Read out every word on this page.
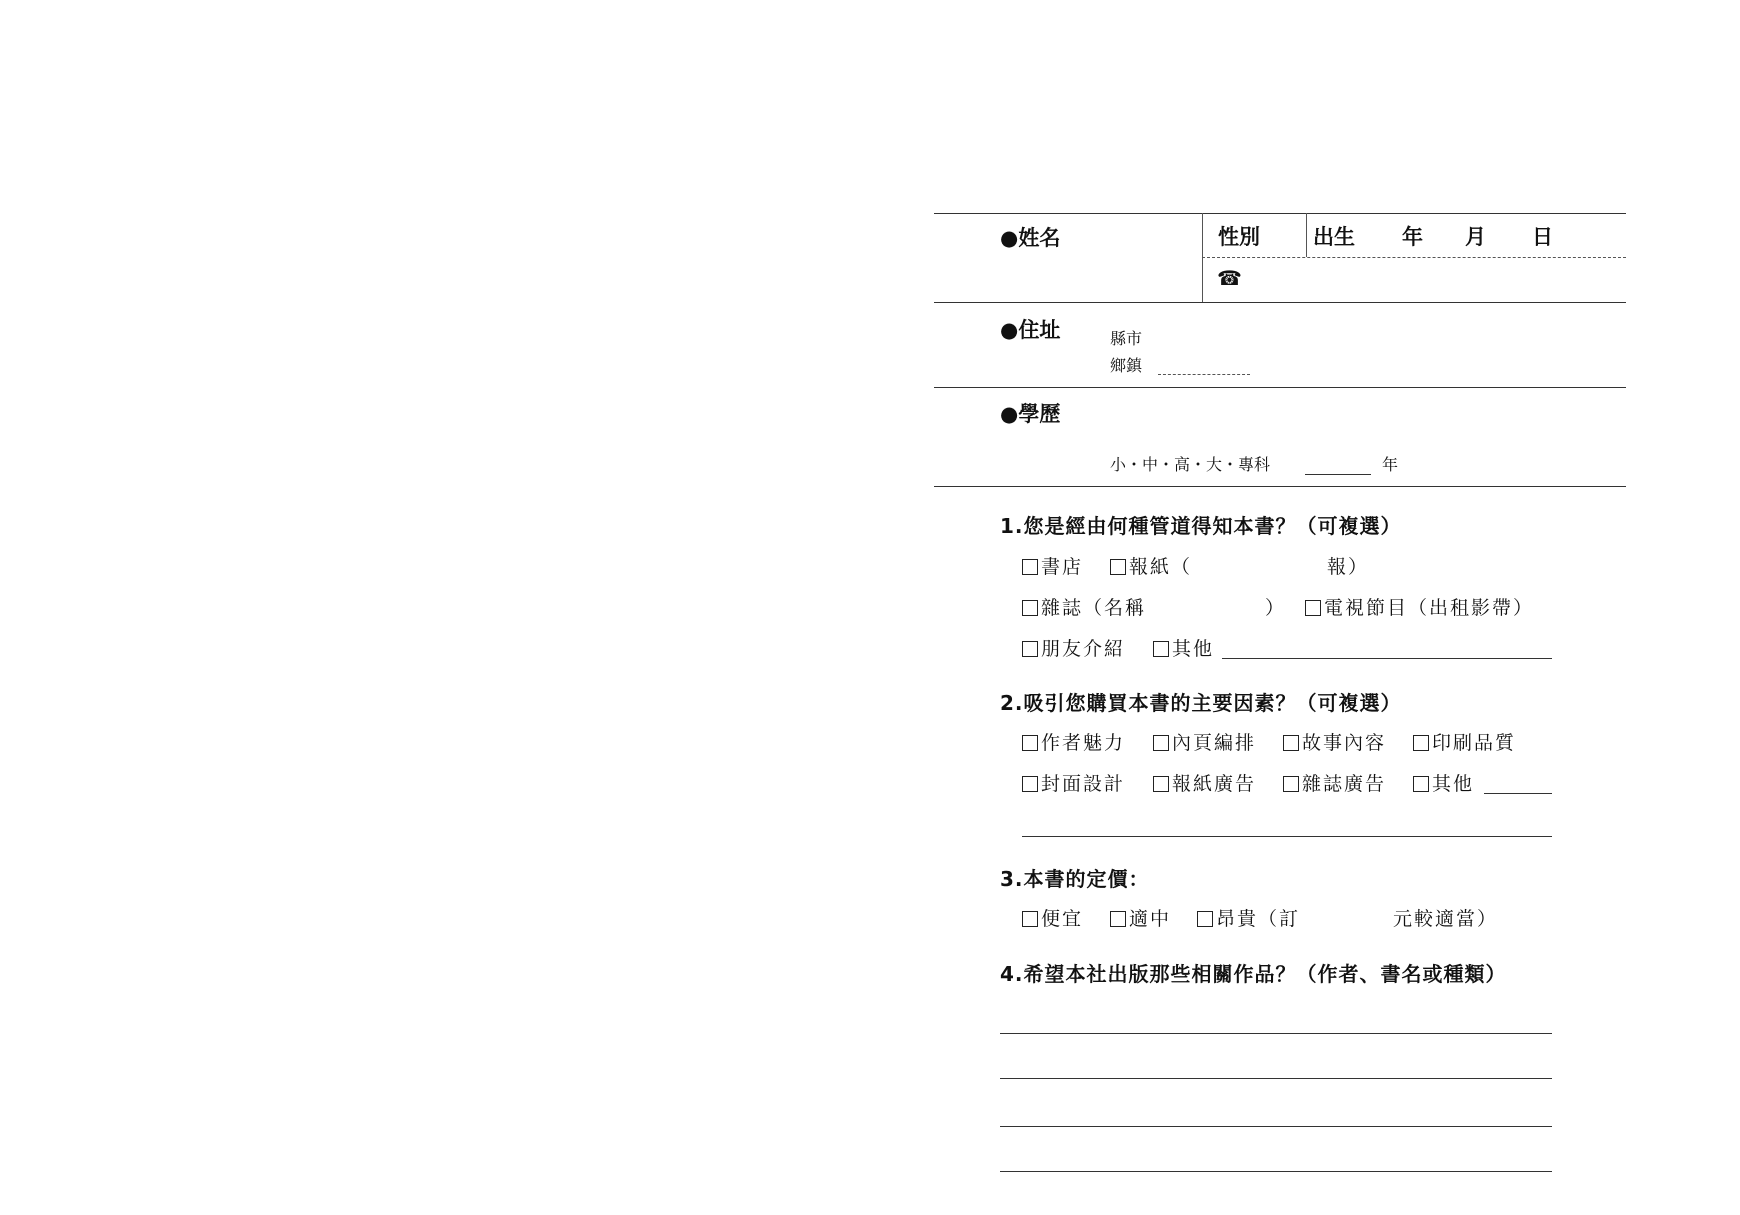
●姓名	性別	出生 年 月 日
☎
●住址	縣市
鄉鎮
●學歷
小・中・高・大・專科	年
1.您是經由何種管道得知本書？（可複選）
書店	報紙（	報）
雜誌（名稱	）	電視節目（出租影帶）
朋友介紹	其他
2.吸引您購買本書的主要因素？（可複選）
作者魅力	內頁編排	故事內容	印刷品質
封面設計	報紙廣告	雜誌廣告	其他
3.本書的定價：
便宜	適中	昂貴（訂	元較適當）
4.希望本社出版那些相關作品？（作者、書名或種類）
